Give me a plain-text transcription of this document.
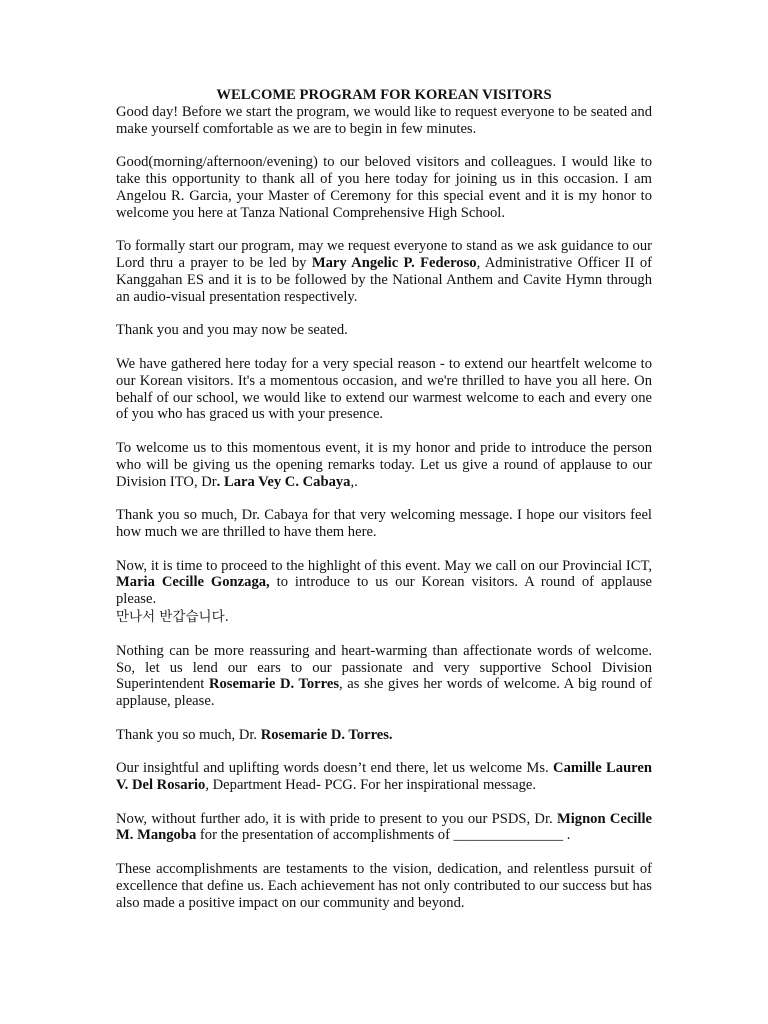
WELCOME PROGRAM FOR KOREAN VISITORS

Good day! Before we start the program, we would like to request everyone to be seated and make yourself comfortable as we are to begin in few minutes.

Good(morning/afternoon/evening) to our beloved visitors and colleagues. I would like to take this opportunity to thank all of you here today for joining us in this occasion. I am Angelou R. Garcia, your Master of Ceremony for this special event and it is my honor to welcome you here at Tanza National Comprehensive High School.

To formally start our program, may we request everyone to stand as we ask guidance to our Lord thru a prayer to be led by Mary Angelic P. Federoso, Administrative Officer II of Kanggahan ES and it is to be followed by the National Anthem and Cavite Hymn through an audio-visual presentation respectively.

Thank you and you may now be seated.

We have gathered here today for a very special reason - to extend our heartfelt welcome to our Korean visitors. It's a momentous occasion, and we're thrilled to have you all here. On behalf of our school, we would like to extend our warmest welcome to each and every one of you who has graced us with your presence.

To welcome us to this momentous event, it is my honor and pride to introduce the person who will be giving us the opening remarks today. Let us give a round of applause to our Division ITO, Dr. Lara Vey C. Cabaya,.

Thank you so much, Dr. Cabaya for that very welcoming message. I hope our visitors feel how much we are thrilled to have them here.

Now, it is time to proceed to the highlight of this event. May we call on our Provincial ICT, Maria Cecille Gonzaga, to introduce to us our Korean visitors. A round of applause please.

만나서 반갑습니다.

Nothing can be more reassuring and heart-warming than affectionate words of welcome. So, let us lend our ears to our passionate and very supportive School Division Superintendent Rosemarie D. Torres, as she gives her words of welcome. A big round of applause, please.

Thank you so much, Dr. Rosemarie D. Torres.

Our insightful and uplifting words doesn’t end there, let us welcome Ms. Camille Lauren V. Del Rosario, Department Head- PCG. For her inspirational message.

Now, without further ado, it is with pride to present to you our PSDS, Dr. Mignon Cecille M. Mangoba for the presentation of accomplishments of _______________ .

These accomplishments are testaments to the vision, dedication, and relentless pursuit of excellence that define us. Each achievement has not only contributed to our success but has also made a positive impact on our community and beyond.
